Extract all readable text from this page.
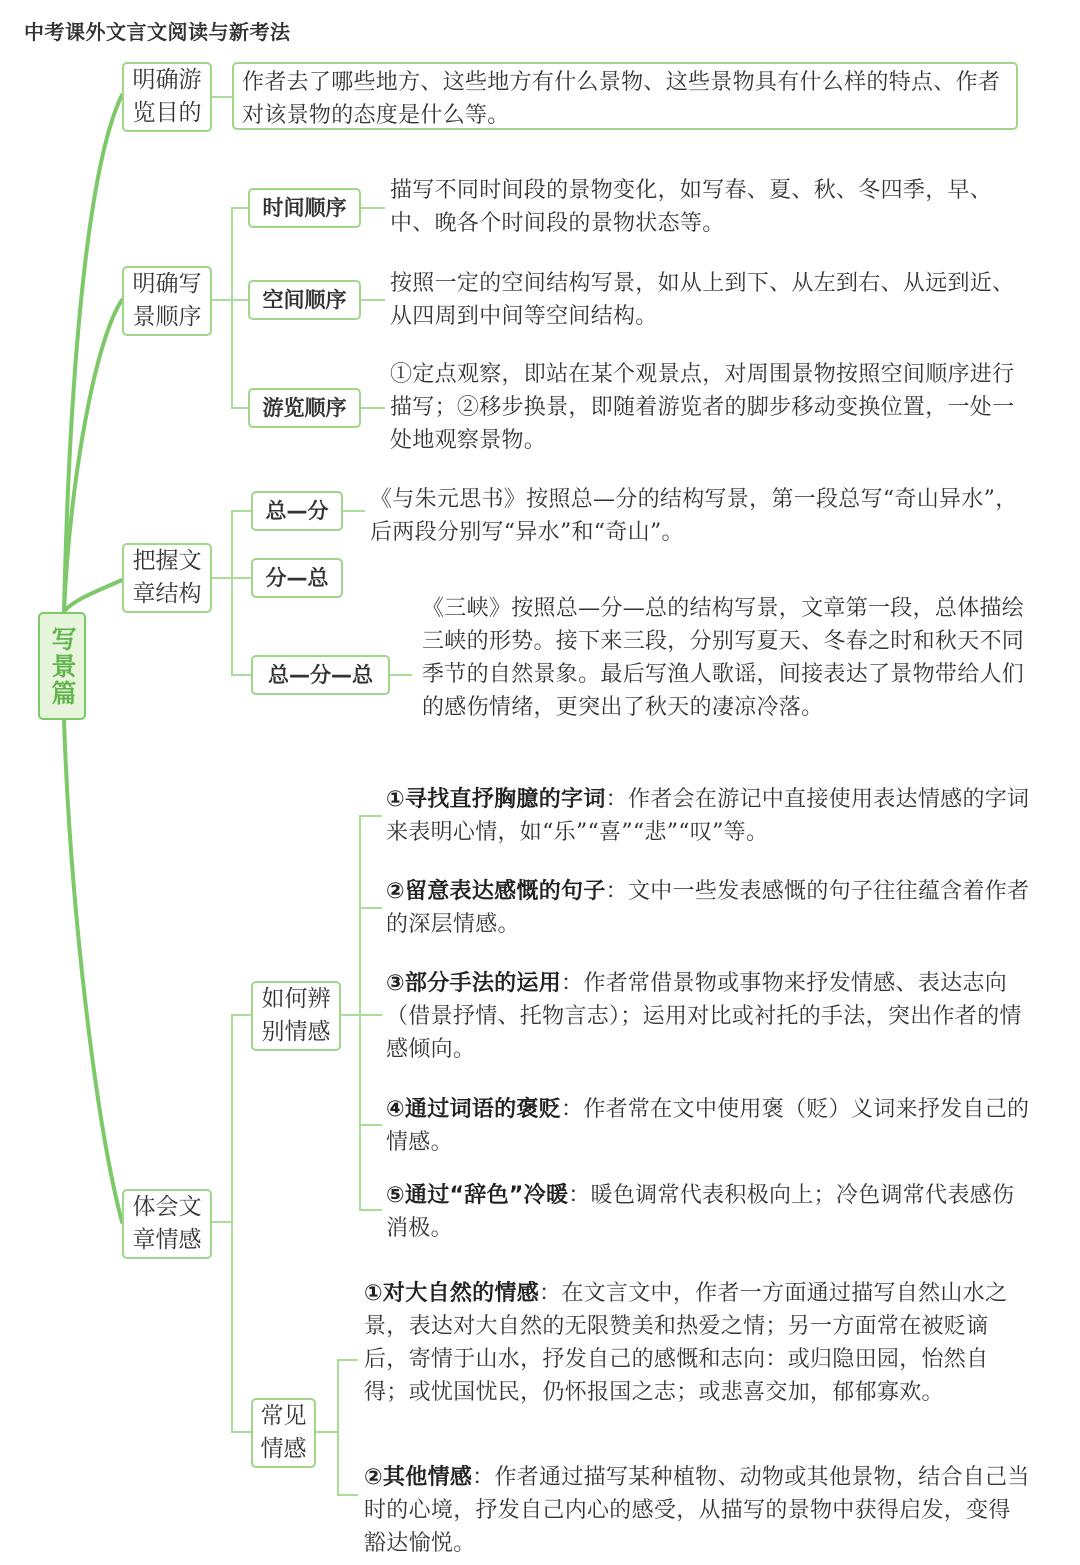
中考课外文言文阅读与新考法
写景篇
明确游览目的
作者去了哪些地方、这些地方有什么景物、这些景物具有什么样的特点、作者对该景物的态度是什么等。
明确写景顺序
时间顺序
描写不同时间段的景物变化，如写春、夏、秋、冬四季，早、中、晚各个时间段的景物状态等。
空间顺序
按照一定的空间结构写景，如从上到下、从左到右、从远到近、从四周到中间等空间结构。
游览顺序
①定点观察，即站在某个观景点，对周围景物按照空间顺序进行描写；②移步换景，即随着游览者的脚步移动变换位置，一处一处地观察景物。
把握文章结构
总—分	《与朱元思书》按照总—分的结构写景，第一段总写“奇山异水”，后两段分别写“异水”和“奇山”。
分—总
总—分—总
《三峡》按照总—分—总的结构写景，文章第一段，总体描绘三峡的形势。接下来三段，分别写夏天、冬春之时和秋天不同季节的自然景象。最后写渔人歌谣，间接表达了景物带给人们的感伤情绪，更突出了秋天的凄凉冷落。
体会文章情感
如何辨别情感
①寻找直抒胸臆的字词：作者会在游记中直接使用表达情感的字词来表明心情，如“乐”“喜”“悲”“叹”等。
②留意表达感慨的句子：文中一些发表感慨的句子往往蕴含着作者的深层情感。
③部分手法的运用：作者常借景物或事物来抒发情感、表达志向（借景抒情、托物言志）；运用对比或衬托的手法，突出作者的情感倾向。
④通过词语的褒贬：作者常在文中使用褒（贬）义词来抒发自己的情感。
⑤通过“辞色”冷暖：暖色调常代表积极向上；冷色调常代表感伤消极。
常见情感
①对大自然的情感：在文言文中，作者一方面通过描写自然山水之景，表达对大自然的无限赞美和热爱之情；另一方面常在被贬谪后，寄情于山水，抒发自己的感慨和志向：或归隐田园，怡然自得；或忧国忧民，仍怀报国之志；或悲喜交加，郁郁寡欢。
②其他情感：作者通过描写某种植物、动物或其他景物，结合自己当时的心境，抒发自己内心的感受，从描写的景物中获得启发，变得豁达愉悦。
